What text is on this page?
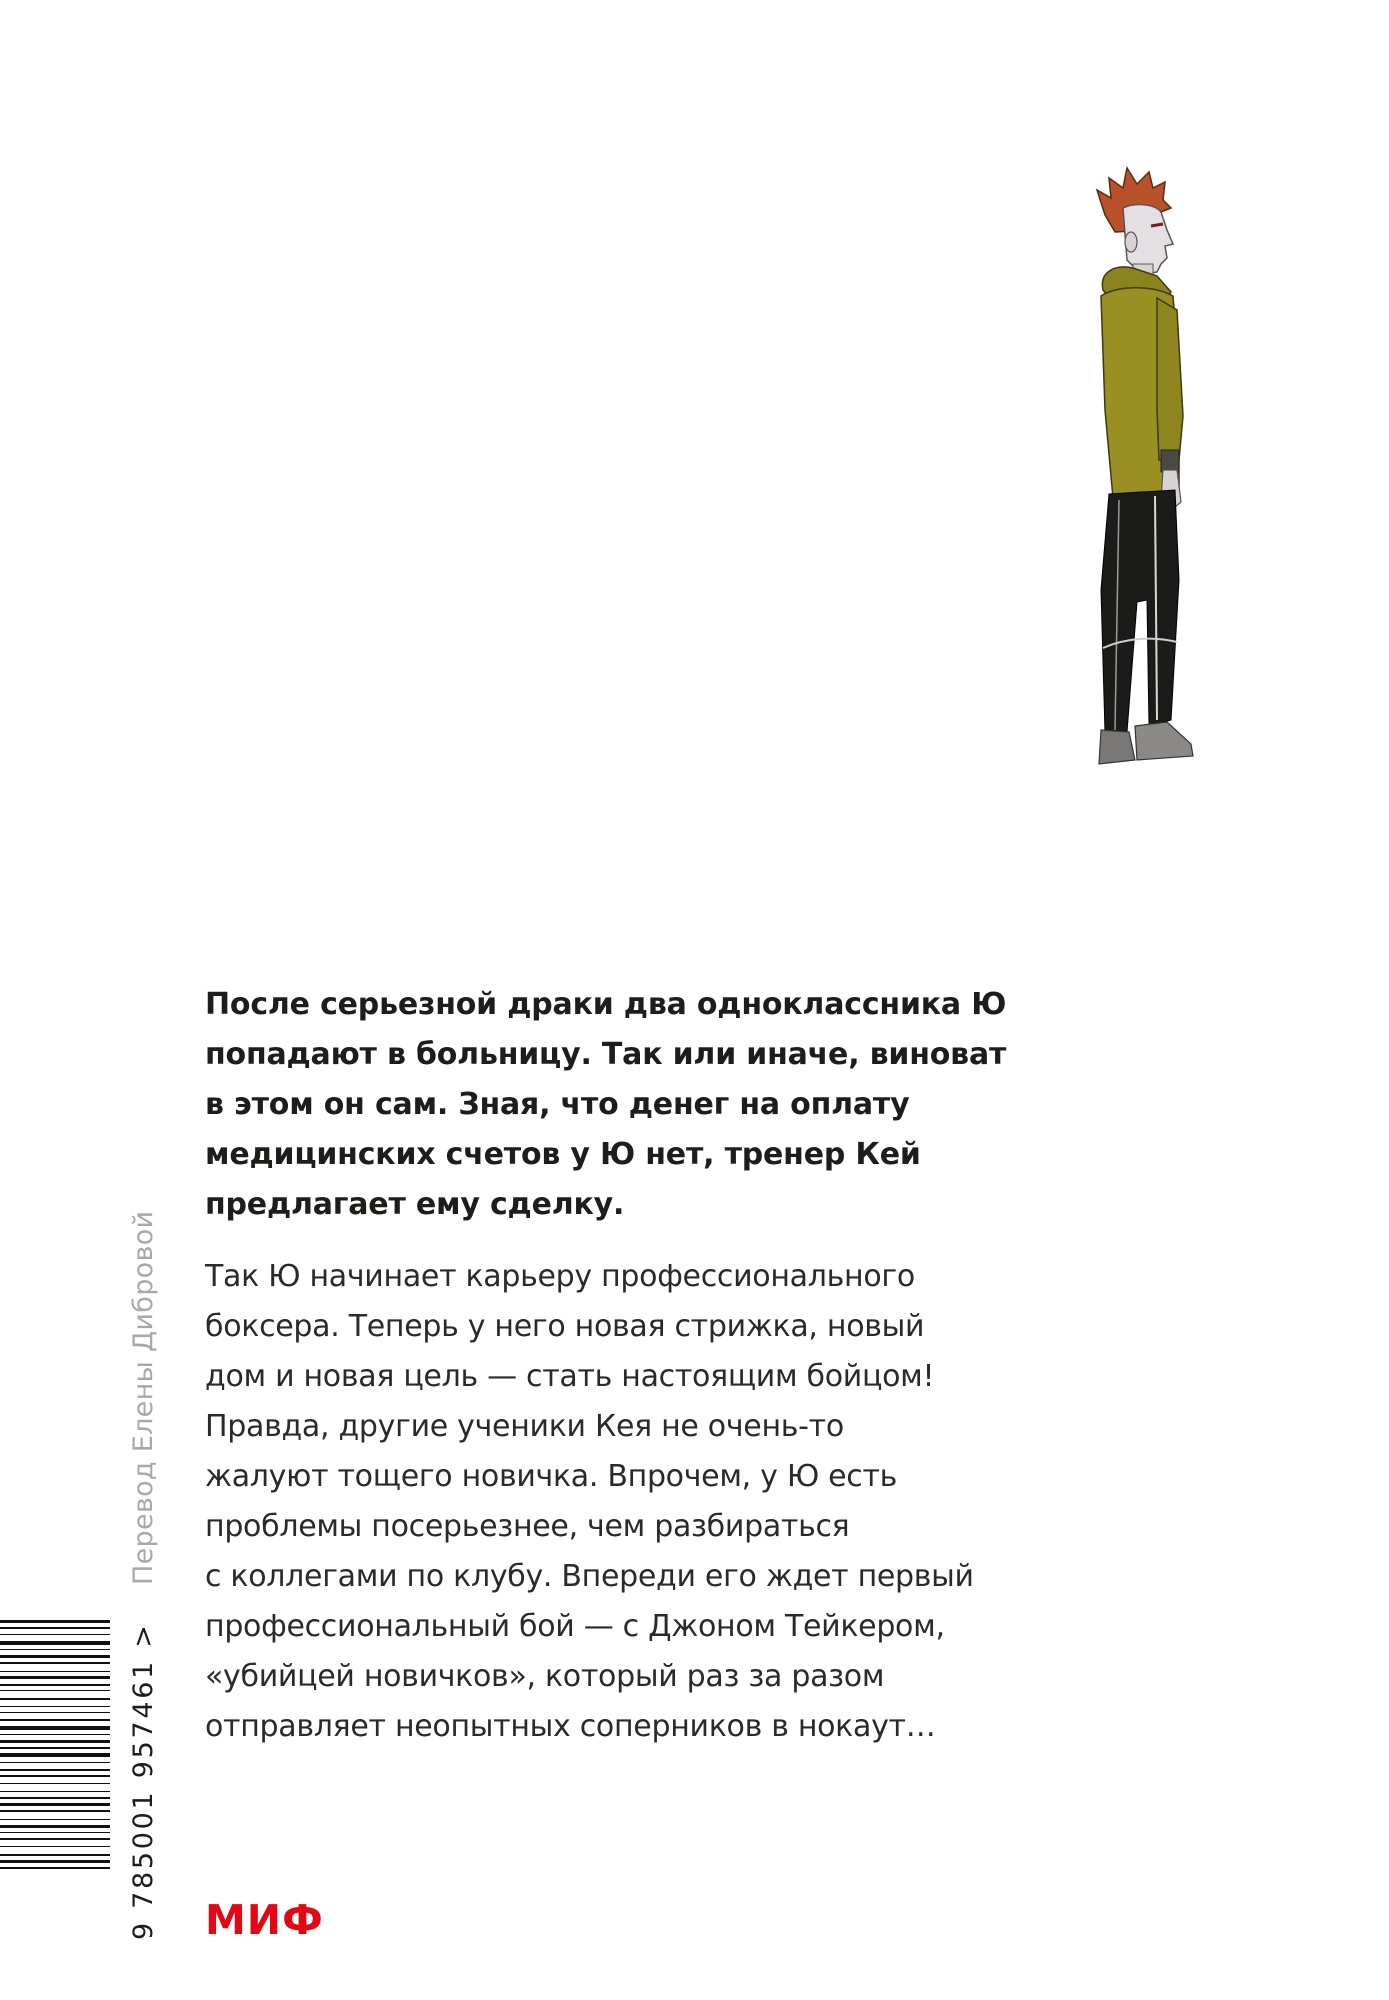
После серьезной драки два одноклассника Ю

попадают в больницу. Так или иначе, виноват

в этом он сам. Зная, что денег на оплату

медицинских счетов у Ю нет, тренер Кей

предлагает ему сделку.

Так Ю начинает карьеру профессионального

боксера. Теперь у него новая стрижка, новый

дом и новая цель — стать настоящим бойцом!

Правда, другие ученики Кея не очень-то

жалуют тощего новичка. Впрочем, у Ю есть

проблемы посерьезнее, чем разбираться

с коллегами по клубу. Впереди его ждет первый

профессиональный бой — с Джоном Тейкером,

«убийцей новичков», который раз за разом

отправляет неопытных соперников в нокаут…

Перевод Елены Дибровой
9 785001 957461 > МИФ
